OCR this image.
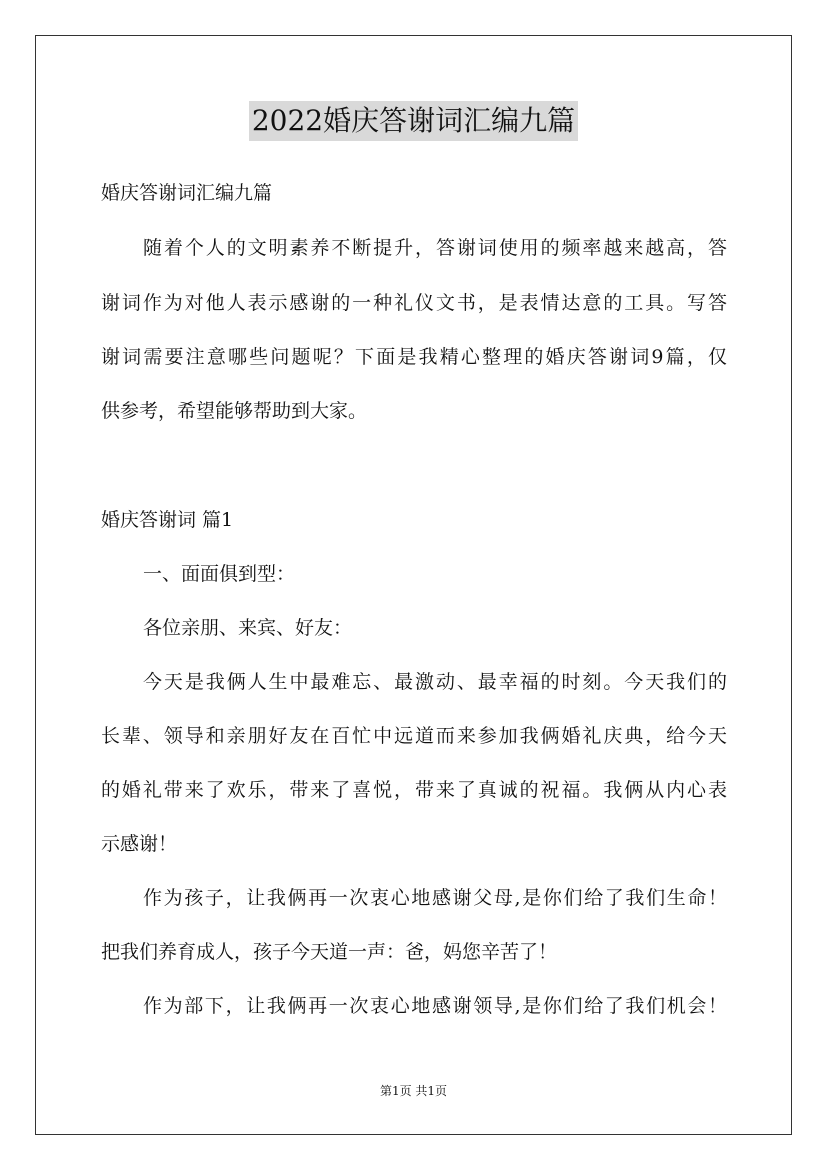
2022婚庆答谢词汇编九篇
婚庆答谢词汇编九篇
随着个人的文明素养不断提升，答谢词使用的频率越来越高，答
谢词作为对他人表示感谢的一种礼仪文书，是表情达意的工具。写答
谢词需要注意哪些问题呢？下面是我精心整理的婚庆答谢词9篇，仅
供参考，希望能够帮助到大家。
婚庆答谢词 篇1
一、面面俱到型：
各位亲朋、来宾、好友：
今天是我俩人生中最难忘、最激动、最幸福的时刻。今天我们的
长辈、领导和亲朋好友在百忙中远道而来参加我俩婚礼庆典，给今天
的婚礼带来了欢乐，带来了喜悦，带来了真诚的祝福。我俩从内心表
示感谢！
作为孩子，让我俩再一次衷心地感谢父母,是你们给了我们生命！
把我们养育成人，孩子今天道一声：爸，妈您辛苦了！
作为部下，让我俩再一次衷心地感谢领导,是你们给了我们机会！
第1页 共1页
